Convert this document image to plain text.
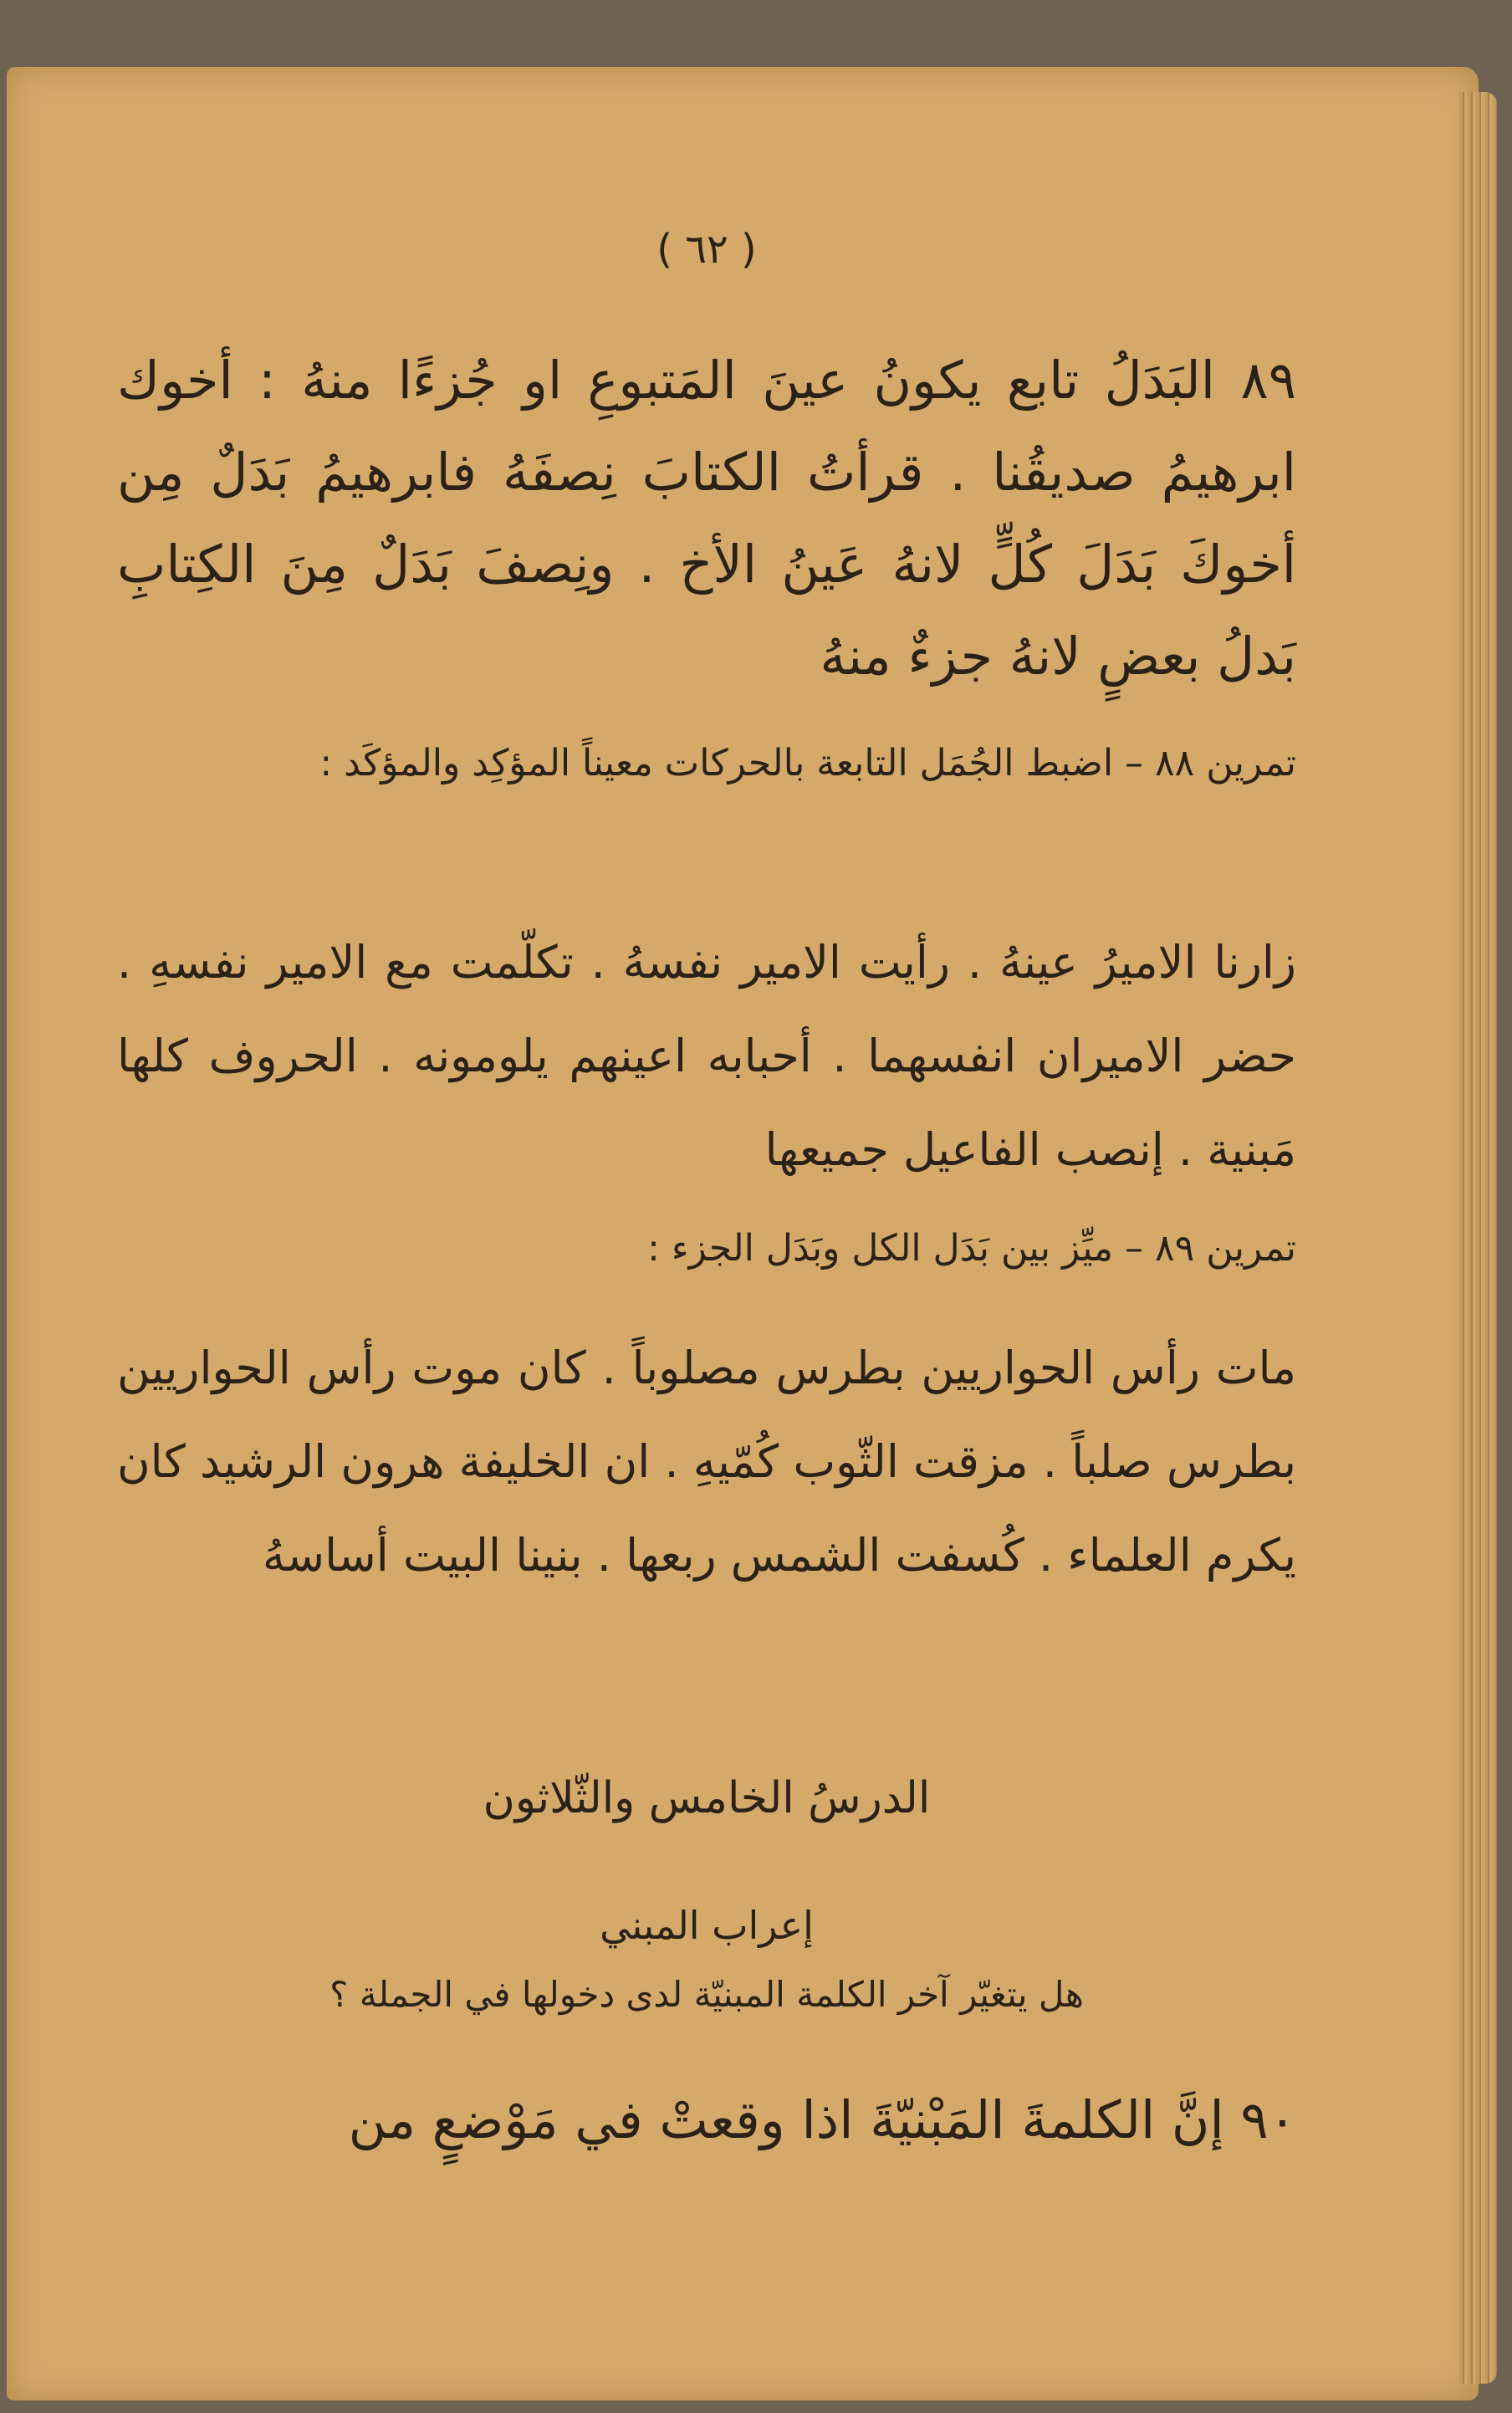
( ٦٢ )

٨٩ البَدَلُ تابع يكونُ عينَ المَتبوعِ او جُزءًا منهُ : أخوك ابرهيمُ صديقُنا . قرأتُ الكتابَ نِصفَهُ فابرهيمُ بَدَلٌ مِن أخوكَ بَدَلَ كُلٍّ لانهُ عَينُ الأخ . ونِصفَ بَدَلٌ مِنَ الكِتابِ بَدلُ بعضٍ لانهُ جزءٌ منهُ

تمرين ٨٨ – اضبط الجُمَل التابعة بالحركات معيناً المؤكِد والمؤكَد :

زارنا الاميرُ عينهُ . رأيت الامير نفسهُ . تكلّمت مع الامير نفسهِ . حضر الاميران انفسهما . أحبابه اعينهم يلومونه . الحروف كلها مَبنية . إنصب الفاعيل جميعها

تمرين ٨٩ – ميِّز بين بَدَل الكل وبَدَل الجزء :

مات رأس الحواريين بطرس مصلوباً . كان موت رأس الحواريين بطرس صلباً . مزقت الثّوب كُمّيهِ . ان الخليفة هرون الرشيد كان يكرم العلماء . كُسفت الشمس ربعها . بنينا البيت أساسهُ

الدرسُ الخامس والثّلاثون

إعراب المبني

هل يتغيّر آخر الكلمة المبنيّة لدى دخولها في الجملة ؟

٩٠ إنَّ الكلمةَ المَبْنيّةَ اذا وقعتْ في مَوْضعٍ من
